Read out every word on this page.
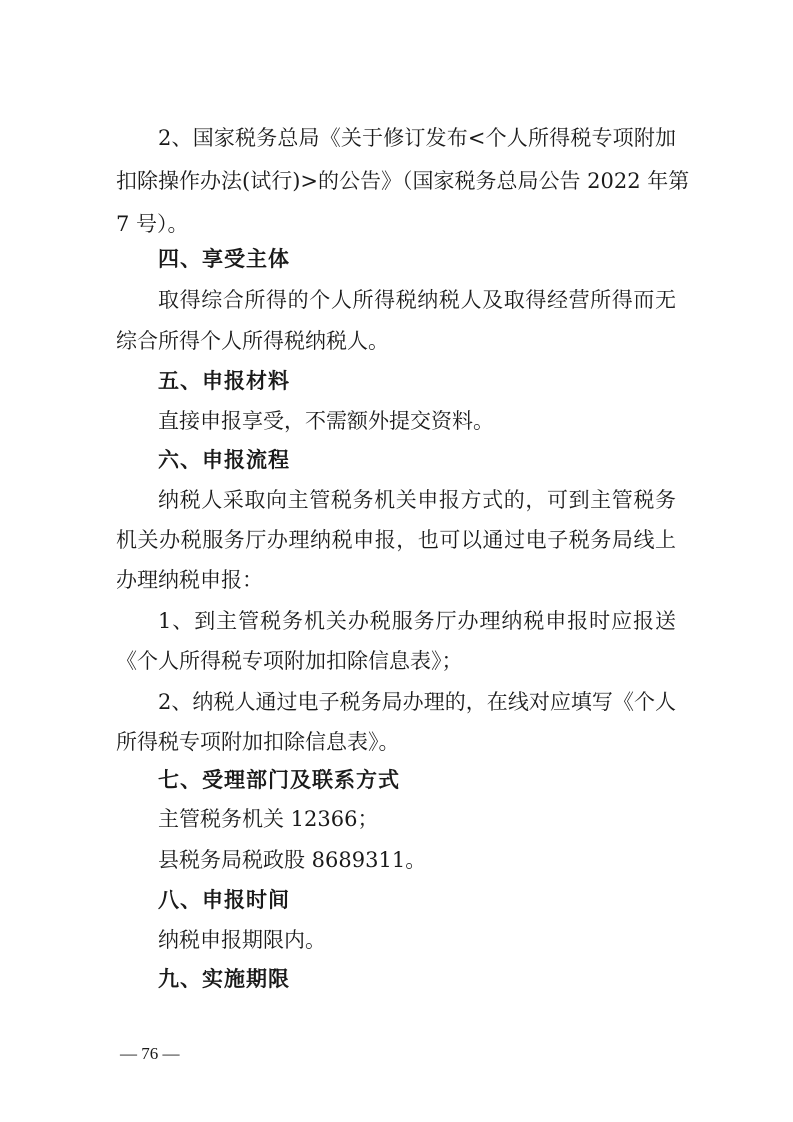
2、国家税务总局《关于修订发布<个人所得税专项附加
扣除操作办法(试行)>的公告》（国家税务总局公告 2022 年第
7 号）。
四、享受主体
取得综合所得的个人所得税纳税人及取得经营所得而无
综合所得个人所得税纳税人。
五、申报材料
直接申报享受，不需额外提交资料。
六、申报流程
纳税人采取向主管税务机关申报方式的，可到主管税务
机关办税服务厅办理纳税申报，也可以通过电子税务局线上
办理纳税申报：
1、到主管税务机关办税服务厅办理纳税申报时应报送
《个人所得税专项附加扣除信息表》；
2、纳税人通过电子税务局办理的，在线对应填写《个人
所得税专项附加扣除信息表》。
七、受理部门及联系方式
主管税务机关 12366；
县税务局税政股 8689311。
八、申报时间
纳税申报期限内。
九、实施期限
— 76 —
